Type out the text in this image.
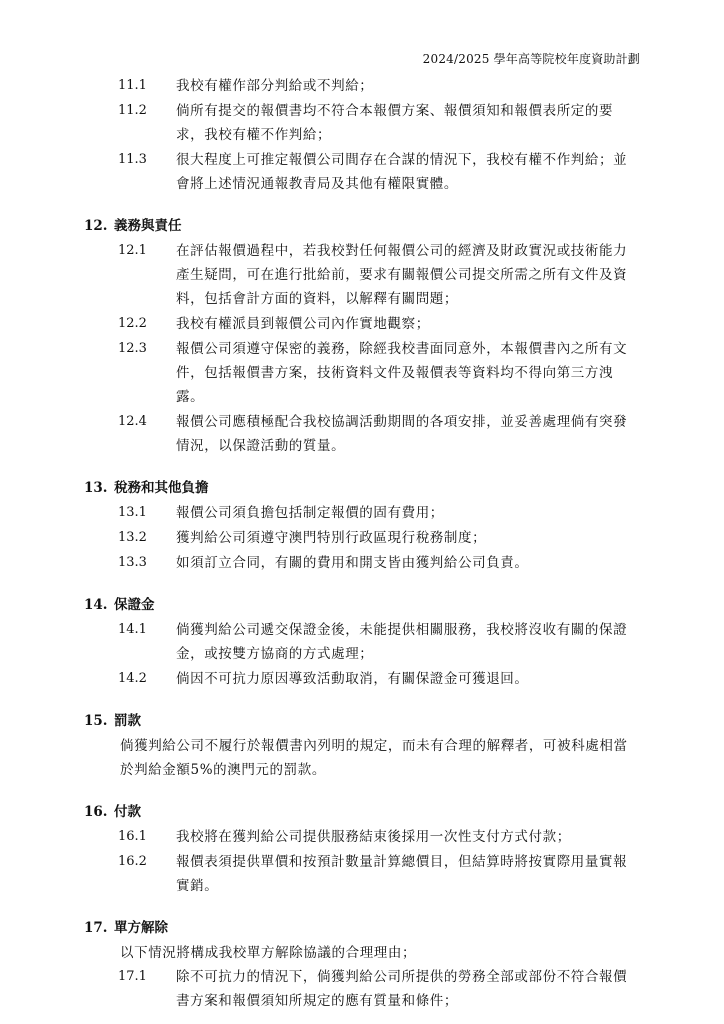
2024/2025 學年高等院校年度資助計劃
11.1	我校有權作部分判給或不判給；
11.2	倘所有提交的報價書均不符合本報價方案、報價須知和報價表所定的要求，我校有權不作判給；
11.3	很大程度上可推定報價公司間存在合謀的情況下，我校有權不作判給；並會將上述情況通報教青局及其他有權限實體。
12. 義務與責任
12.1	在評估報價過程中，若我校對任何報價公司的經濟及財政實況或技術能力產生疑問，可在進行批給前，要求有關報價公司提交所需之所有文件及資料，包括會計方面的資料，以解釋有關問題；
12.2	我校有權派員到報價公司內作實地觀察；
12.3	報價公司須遵守保密的義務，除經我校書面同意外，本報價書內之所有文件，包括報價書方案，技術資料文件及報價表等資料均不得向第三方洩露。
12.4	報價公司應積極配合我校協調活動期間的各項安排，並妥善處理倘有突發情況，以保證活動的質量。
13. 稅務和其他負擔
13.1	報價公司須負擔包括制定報價的固有費用；
13.2	獲判給公司須遵守澳門特別行政區現行稅務制度；
13.3	如須訂立合同，有關的費用和開支皆由獲判給公司負責。
14. 保證金
14.1	倘獲判給公司遞交保證金後，未能提供相關服務，我校將沒收有關的保證金，或按雙方協商的方式處理；
14.2	倘因不可抗力原因導致活動取消，有關保證金可獲退回。
15. 罰款
倘獲判給公司不履行於報價書內列明的規定，而未有合理的解釋者，可被科處相當於判給金額5%的澳門元的罰款。
16. 付款
16.1	我校將在獲判給公司提供服務結束後採用一次性支付方式付款；
16.2	報價表須提供單價和按預計數量計算總價目，但結算時將按實際用量實報實銷。
17. 單方解除
以下情況將構成我校單方解除協議的合理理由；
17.1	除不可抗力的情況下，倘獲判給公司所提供的勞務全部或部份不符合報價書方案和報價須知所規定的應有質量和條件；
